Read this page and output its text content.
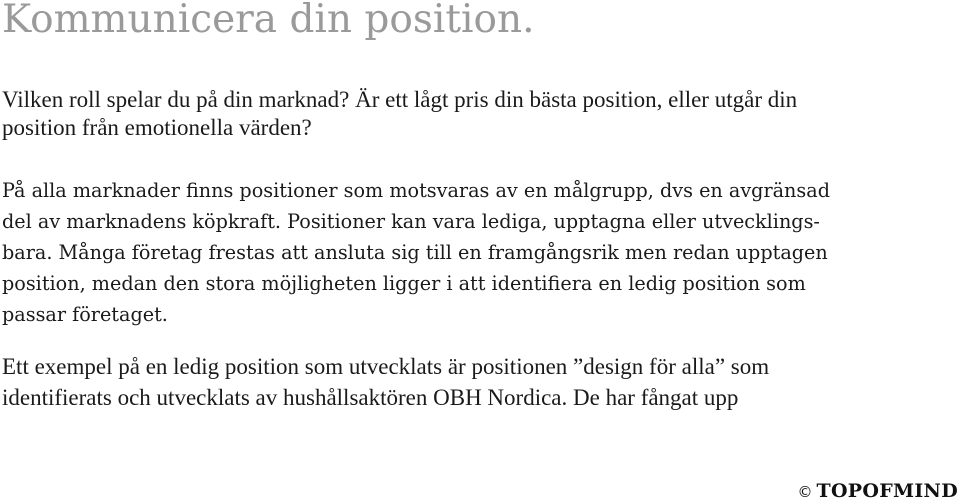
Kommunicera din position.

Vilken roll spelar du på din marknad? Är ett lågt pris din bästa position, eller utgår din
position från emotionella värden?

På alla marknader finns positioner som motsvaras av en målgrupp, dvs en avgränsad
del av marknadens köpkraft. Positioner kan vara lediga, upptagna eller utvecklings-
bara. Många företag frestas att ansluta sig till en framgångsrik men redan upptagen
position, medan den stora möjligheten ligger i att identifiera en ledig position som
passar företaget.

Ett exempel på en ledig position som utvecklats är positionen ”design för alla” som
identifierats och utvecklats av hushållsaktören OBH Nordica. De har fångat upp

© TOPOFMIND
